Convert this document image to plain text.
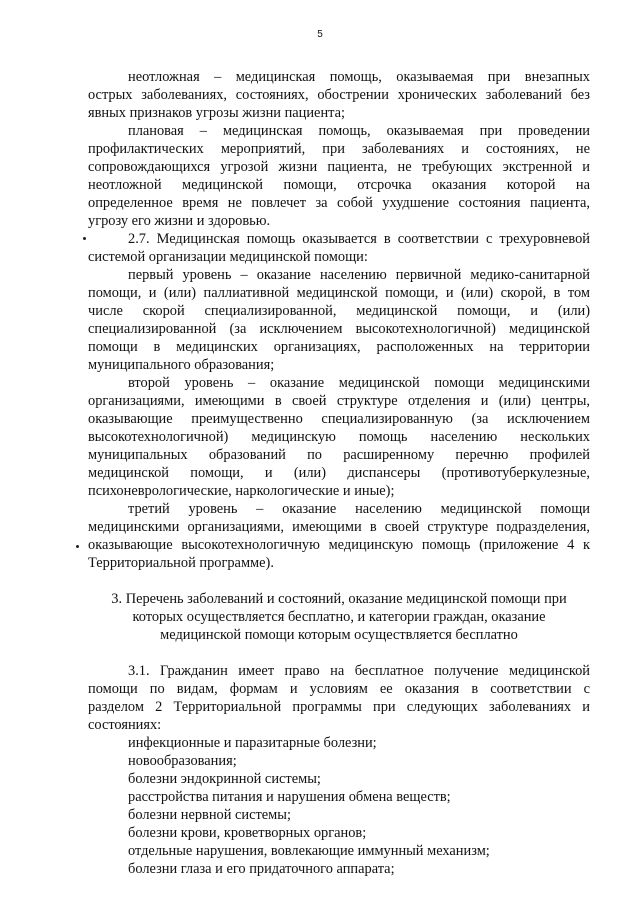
5
неотложная – медицинская помощь, оказываемая при внезапных
острых заболеваниях, состояниях, обострении хронических заболеваний без
явных признаков угрозы жизни пациента;
плановая – медицинская помощь, оказываемая при проведении
профилактических мероприятий, при заболеваниях и состояниях, не
сопровождающихся угрозой жизни пациента, не требующих экстренной и
неотложной медицинской помощи, отсрочка оказания которой на
определенное время не повлечет за собой ухудшение состояния пациента,
угрозу его жизни и здоровью.
2.7. Медицинская помощь оказывается в соответствии с трехуровневой
системой организации медицинской помощи:
первый уровень – оказание населению первичной медико-санитарной
помощи, и (или) паллиативной медицинской помощи, и (или) скорой, в том
числе скорой специализированной, медицинской помощи, и (или)
специализированной (за исключением высокотехнологичной) медицинской
помощи в медицинских организациях, расположенных на территории
муниципального образования;
второй уровень – оказание медицинской помощи медицинскими
организациями, имеющими в своей структуре отделения и (или) центры,
оказывающие преимущественно специализированную (за исключением
высокотехнологичной) медицинскую помощь населению нескольких
муниципальных образований по расширенному перечню профилей
медицинской помощи, и (или) диспансеры (противотуберкулезные,
психоневрологические, наркологические и иные);
третий уровень – оказание населению медицинской помощи
медицинскими организациями, имеющими в своей структуре подразделения,
оказывающие высокотехнологичную медицинскую помощь (приложение 4 к
Территориальной программе).
3. Перечень заболеваний и состояний, оказание медицинской помощи при
которых осуществляется бесплатно, и категории граждан, оказание
медицинской помощи которым осуществляется бесплатно
3.1. Гражданин имеет право на бесплатное получение медицинской
помощи по видам, формам и условиям ее оказания в соответствии с
разделом 2 Территориальной программы при следующих заболеваниях и
состояниях:
инфекционные и паразитарные болезни;
новообразования;
болезни эндокринной системы;
расстройства питания и нарушения обмена веществ;
болезни нервной системы;
болезни крови, кроветворных органов;
отдельные нарушения, вовлекающие иммунный механизм;
болезни глаза и его придаточного аппарата;
